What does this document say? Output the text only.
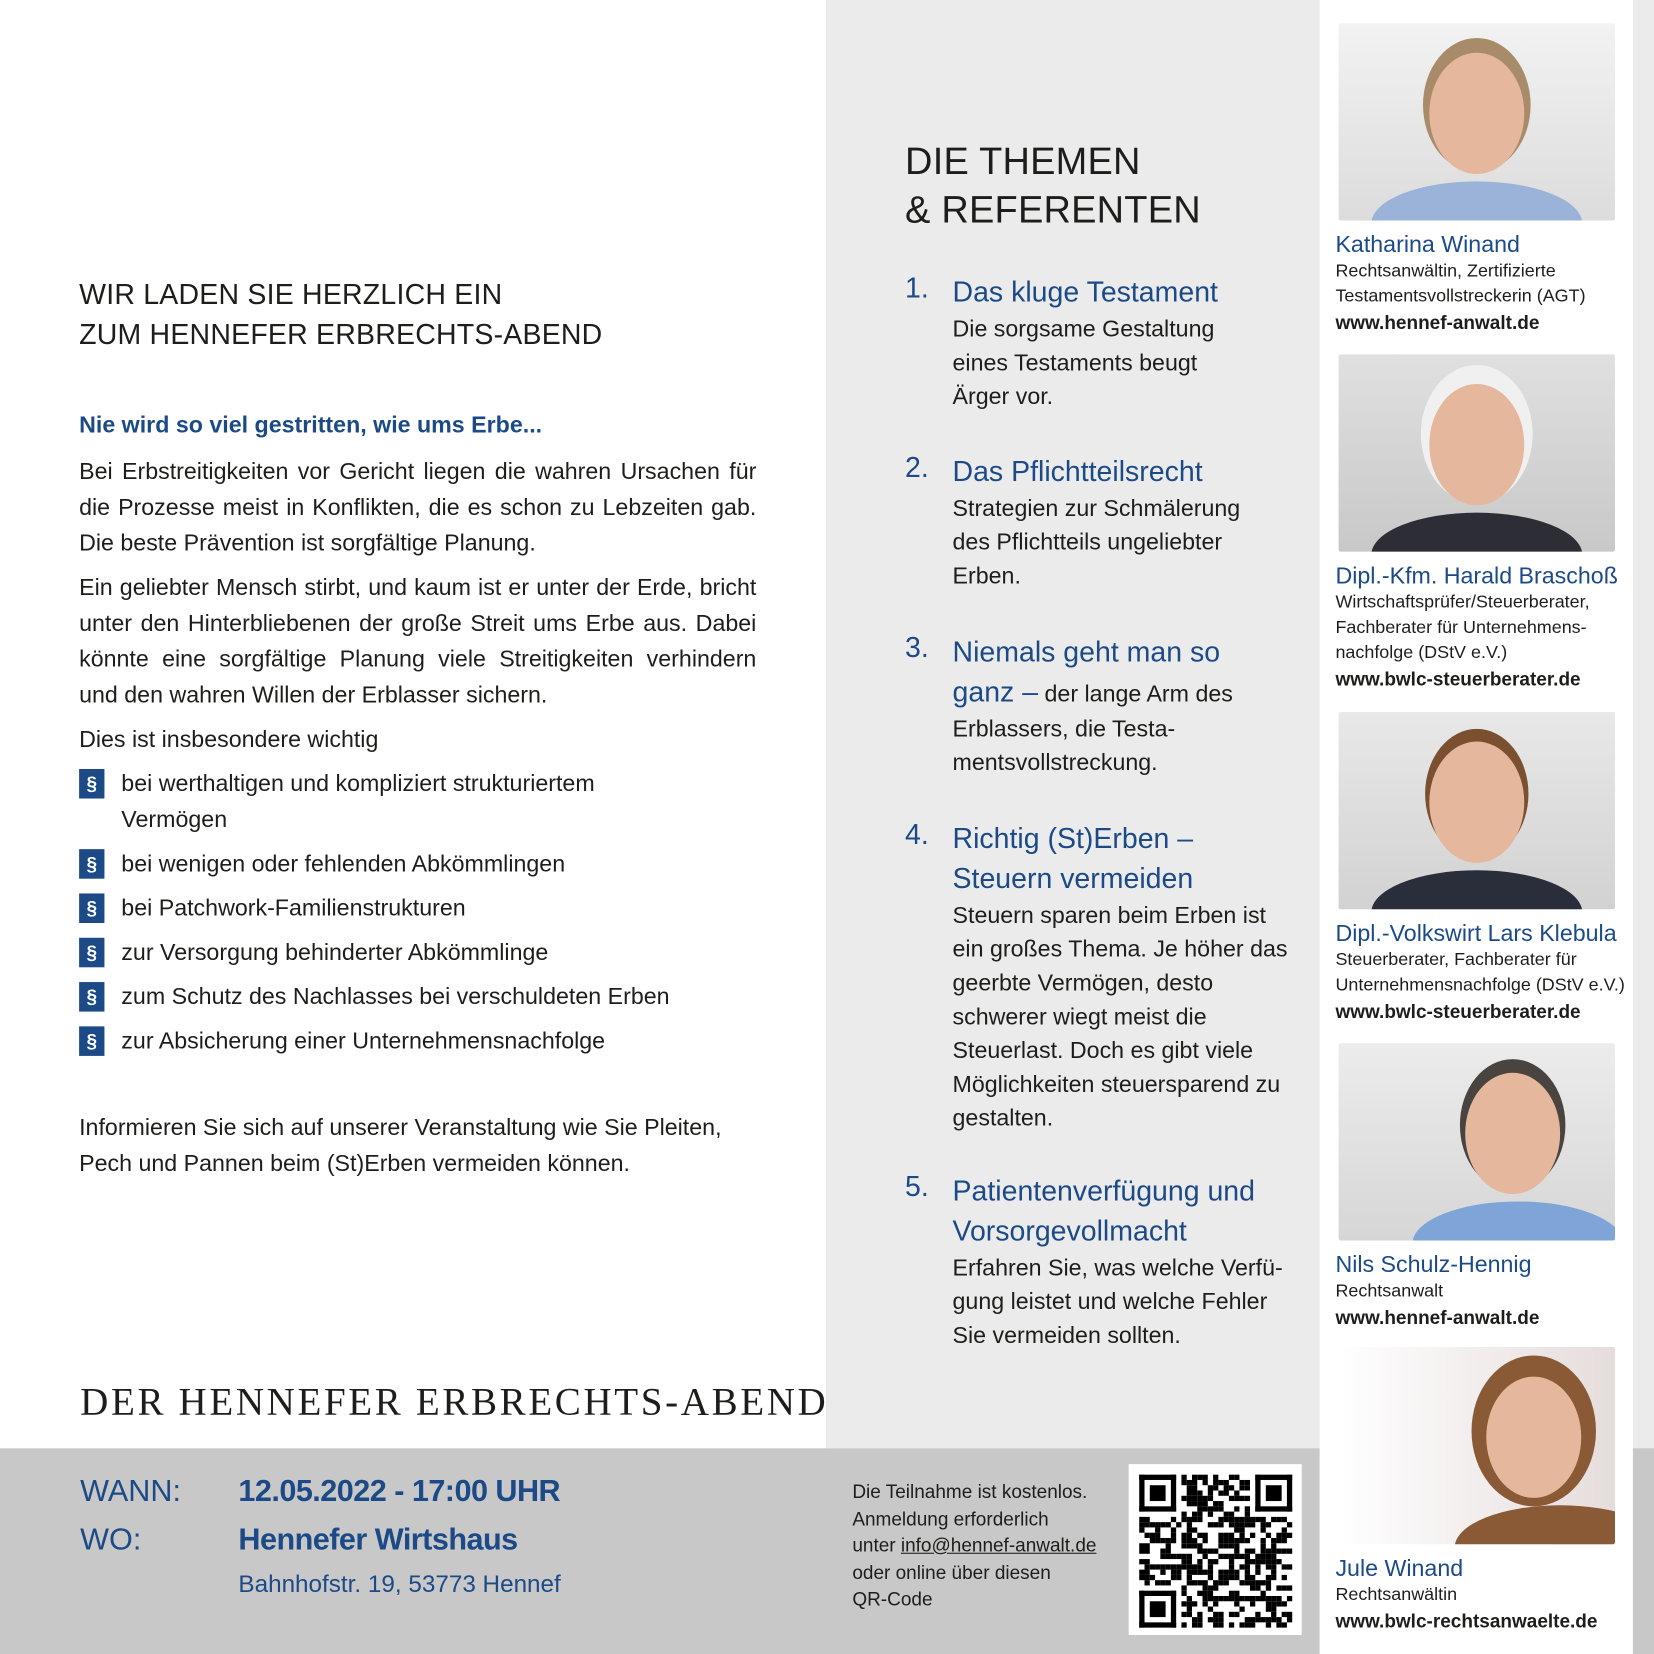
WIR LADEN SIE HERZLICH EIN
ZUM HENNEFER ERBRECHTS-ABEND
Nie wird so viel gestritten, wie ums Erbe...
Bei Erbstreitigkeiten vor Gericht liegen die wahren Ursachen für die Prozesse meist in Konflikten, die es schon zu Lebzeiten gab. Die beste Prävention ist sorgfältige Planung.
Ein geliebter Mensch stirbt, und kaum ist er unter der Erde, bricht unter den Hinterbliebenen der große Streit ums Erbe aus. Dabei könnte eine sorgfältige Planung viele Streitigkeiten verhindern und den wahren Willen der Erblasser sichern.
Dies ist insbesondere wichtig
§	bei werthaltigen und kompliziert strukturiertem Vermögen
§	bei wenigen oder fehlenden Abkömmlingen
§	bei Patchwork-Familienstrukturen
§	zur Versorgung behinderter Abkömmlinge
§	zum Schutz des Nachlasses bei verschuldeten Erben
§	zur Absicherung einer Unternehmensnachfolge
Informieren Sie sich auf unserer Veranstaltung wie Sie Pleiten, Pech und Pannen beim (St)Erben vermeiden können.
DER HENNEFER ERBRECHTS-ABEND
WANN: 12.05.2022 - 17:00 UHR
WO:	Hennefer Wirtshaus
Bahnhofstr. 19, 53773 Hennef
Die Teilnahme ist kostenlos.
Anmeldung erforderlich
unter info@hennef-anwalt.de
oder online über diesen
QR-Code
DIE THEMEN
& REFERENTEN
1. Das kluge Testament
Die sorgsame Gestaltung eines Testaments beugt Ärger vor.
2. Das Pflichtteilsrecht
Strategien zur Schmälerung des Pflichtteils ungeliebter Erben.
3. Niemals geht man so ganz – der lange Arm des Erblassers, die Testa-mentsvollstreckung.
4. Richtig (St)Erben – Steuern vermeiden
Steuern sparen beim Erben ist ein großes Thema. Je höher das geerbte Vermögen, desto schwerer wiegt meist die Steuerlast. Doch es gibt viele Möglichkeiten steuersparend zu gestalten.
5. Patientenverfügung und Vorsorgevollmacht
Erfahren Sie, was welche Verfü-gung leistet und welche Fehler Sie vermeiden sollten.
Katharina Winand
Rechtsanwältin, Zertifizierte
Testamentsvollstreckerin (AGT)
www.hennef-anwalt.de
Dipl.-Kfm. Harald Braschoß
Wirtschaftsprüfer/Steuerberater,
Fachberater für Unternehmens-
nachfolge (DStV e.V.)
www.bwlc-steuerberater.de
Dipl.-Volkswirt Lars Klebula
Steuerberater, Fachberater für
Unternehmensnachfolge (DStV e.V.)
www.bwlc-steuerberater.de
Nils Schulz-Hennig
Rechtsanwalt
www.hennef-anwalt.de
Jule Winand
Rechtsanwältin
www.bwlc-rechtsanwaelte.de
